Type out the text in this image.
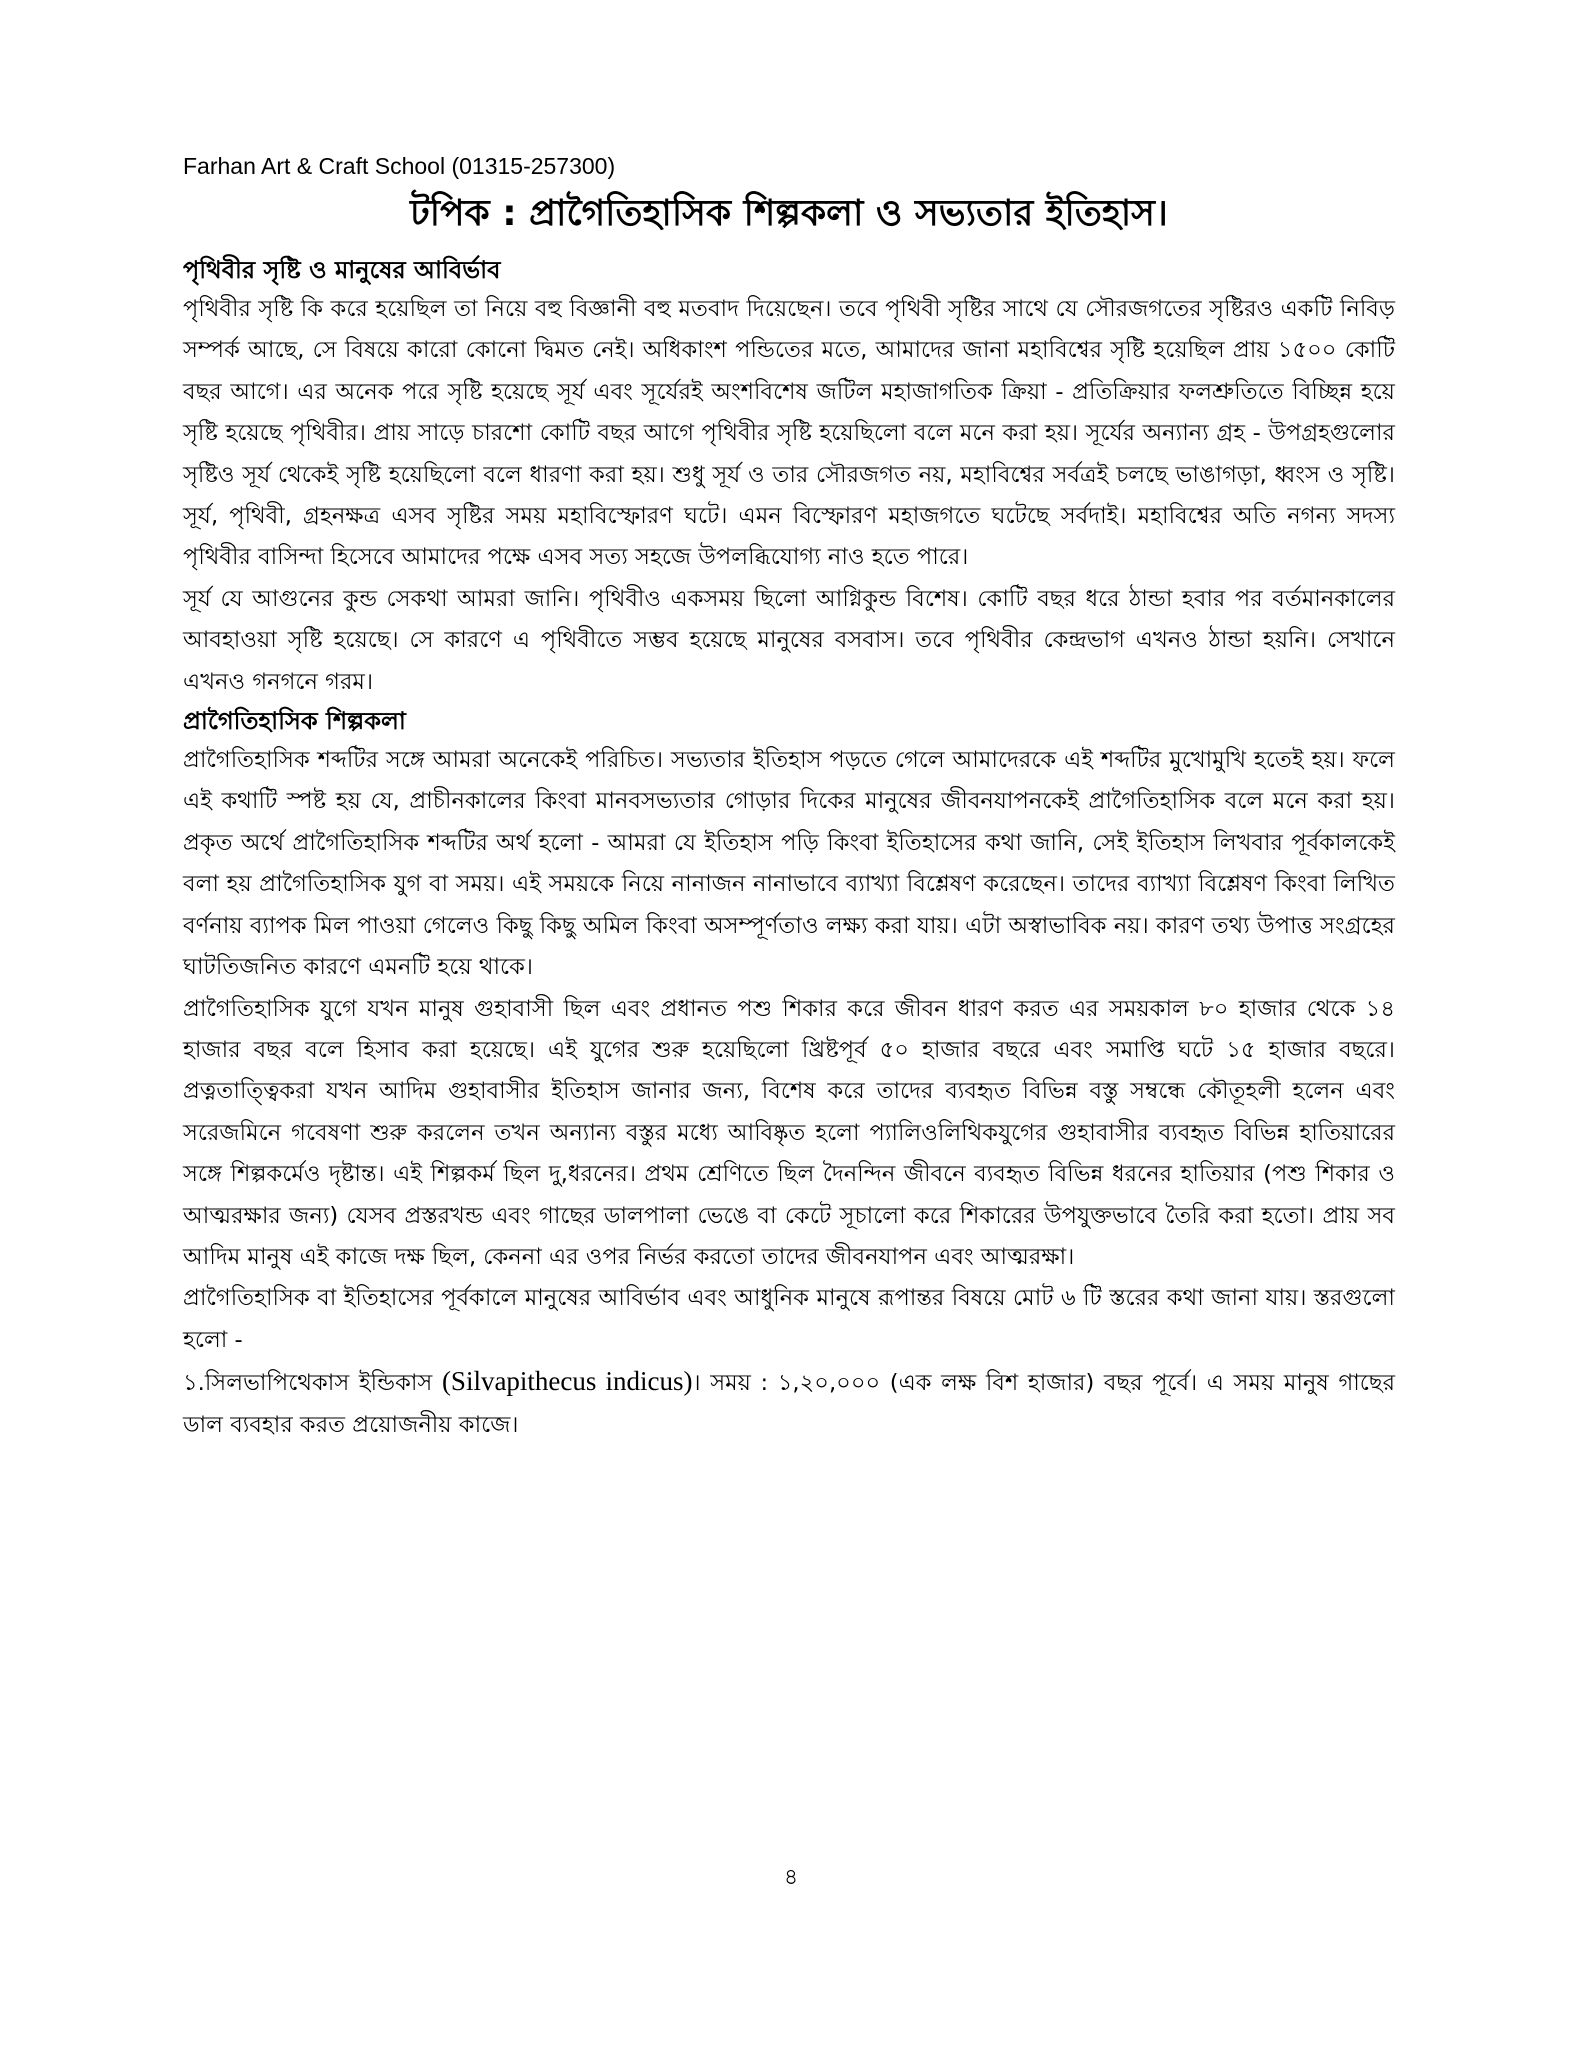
Farhan Art & Craft School (01315-257300)
টপিক : প্রাগৈতিহাসিক শিল্পকলা ও সভ্যতার ইতিহাস।
পৃথিবীর সৃষ্টি ও মানুষের আবির্ভাব

পৃথিবীর সৃষ্টি কি করে হয়েছিল তা নিয়ে বহু বিজ্ঞানী বহু মতবাদ দিয়েছেন। তবে পৃথিবী সৃষ্টির সাথে যে সৌরজগতের সৃষ্টিরও একটি নিবিড় সম্পর্ক আছে, সে বিষয়ে কারো কোনো দ্বিমত নেই। অধিকাংশ পন্ডিতের মতে, আমাদের জানা মহাবিশ্বের সৃষ্টি হয়েছিল প্রায় ১৫০০ কোটি বছর আগে। এর অনেক পরে সৃষ্টি হয়েছে সূর্য এবং সূর্যেরই অংশবিশেষ জটিল মহাজাগতিক ক্রিয়া - প্রতিক্রিয়ার ফলশ্রুতিতে বিচ্ছিন্ন হয়ে সৃষ্টি হয়েছে পৃথিবীর। প্রায় সাড়ে চারশো কোটি বছর আগে পৃথিবীর সৃষ্টি হয়েছিলো বলে মনে করা হয়। সূর্যের অন্যান্য গ্রহ - উপগ্রহগুলোর সৃষ্টিও সূর্য থেকেই সৃষ্টি হয়েছিলো বলে ধারণা করা হয়। শুধু সূর্য ও তার সৌরজগত নয়, মহাবিশ্বের সর্বত্রই চলছে ভাঙাগড়া, ধ্বংস ও সৃষ্টি। সূর্য, পৃথিবী, গ্রহনক্ষত্র এসব সৃষ্টির সময় মহাবিস্ফোরণ ঘটে। এমন বিস্ফোরণ মহাজগতে ঘটেছে সর্বদাই। মহাবিশ্বের অতি নগন্য সদস্য পৃথিবীর বাসিন্দা হিসেবে আমাদের পক্ষে এসব সত্য সহজে উপলব্ধিযোগ্য নাও হতে পারে।

সূর্য যে আগুনের কুন্ড সেকথা আমরা জানি। পৃথিবীও একসময় ছিলো আগ্নিকুন্ড বিশেষ। কোটি বছর ধরে ঠান্ডা হবার পর বর্তমানকালের আবহাওয়া সৃষ্টি হয়েছে। সে কারণে এ পৃথিবীতে সম্ভব হয়েছে মানুষের বসবাস। তবে পৃথিবীর কেন্দ্রভাগ এখনও ঠান্ডা হয়নি। সেখানে এখনও গনগনে গরম।

প্রাগৈতিহাসিক শিল্পকলা

প্রাগৈতিহাসিক শব্দটির সঙ্গে আমরা অনেকেই পরিচিত। সভ্যতার ইতিহাস পড়তে গেলে আমাদেরকে এই শব্দটির মুখোমুখি হতেই হয়। ফলে এই কথাটি স্পষ্ট হয় যে, প্রাচীনকালের কিংবা মানবসভ্যতার গোড়ার দিকের মানুষের জীবনযাপনকেই প্রাগৈতিহাসিক বলে মনে করা হয়। প্রকৃত অর্থে প্রাগৈতিহাসিক শব্দটির অর্থ হলো - আমরা যে ইতিহাস পড়ি কিংবা ইতিহাসের কথা জানি, সেই ইতিহাস লিখবার পূর্বকালকেই বলা হয় প্রাগৈতিহাসিক যুগ বা সময়। এই সময়কে নিয়ে নানাজন নানাভাবে ব্যাখ্যা বিশ্লেষণ করেছেন। তাদের ব্যাখ্যা বিশ্লেষণ কিংবা লিখিত বর্ণনায় ব্যাপক মিল পাওয়া গেলেও কিছু কিছু অমিল কিংবা অসম্পূর্ণতাও লক্ষ্য করা যায়। এটা অস্বাভাবিক নয়। কারণ তথ্য উপাত্ত সংগ্রহের ঘাটতিজনিত কারণে এমনটি হয়ে থাকে।

প্রাগৈতিহাসিক যুগে যখন মানুষ গুহাবাসী ছিল এবং প্রধানত পশু শিকার করে জীবন ধারণ করত এর সময়কাল ৮০ হাজার থেকে ১৪ হাজার বছর বলে হিসাব করা হয়েছে। এই যুগের শুরু হয়েছিলো খ্রিষ্টপূর্ব ৫০ হাজার বছরে এবং সমাপ্তি ঘটে ১৫ হাজার বছরে। প্রত্নতাত্ত্বিকরা যখন আদিম গুহাবাসীর ইতিহাস জানার জন্য, বিশেষ করে তাদের ব্যবহৃত বিভিন্ন বস্তু সম্বন্ধে কৌতূহলী হলেন এবং সরেজমিনে গবেষণা শুরু করলেন তখন অন্যান্য বস্তুর মধ্যে আবিষ্কৃত হলো প্যালিওলিথিকযুগের গুহাবাসীর ব্যবহৃত বিভিন্ন হাতিয়ারের সঙ্গে শিল্পকর্মেও দৃষ্টান্ত। এই শিল্পকর্ম ছিল দু,ধরনের। প্রথম শ্রেণিতে ছিল দৈনন্দিন জীবনে ব্যবহৃত বিভিন্ন ধরনের হাতিয়ার (পশু শিকার ও আত্মরক্ষার জন্য) যেসব প্রস্তরখন্ড এবং গাছের ডালপালা ভেঙে বা কেটে সূচালো করে শিকারের উপযুক্তভাবে তৈরি করা হতো। প্রায় সব আদিম মানুষ এই কাজে দক্ষ ছিল, কেননা এর ওপর নির্ভর করতো তাদের জীবনযাপন এবং আত্মরক্ষা।

প্রাগৈতিহাসিক বা ইতিহাসের পূর্বকালে মানুষের আবির্ভাব এবং আধুনিক মানুষে রূপান্তর বিষয়ে মোট ৬ টি স্তরের কথা জানা যায়। স্তরগুলো হলো -

১.সিলভাপিথেকাস ইন্ডিকাস (Silvapithecus indicus)। সময় : ১,২০,০০০ (এক লক্ষ বিশ হাজার) বছর পূর্বে। এ সময় মানুষ গাছের ডাল ব্যবহার করত প্রয়োজনীয় কাজে।

৪
